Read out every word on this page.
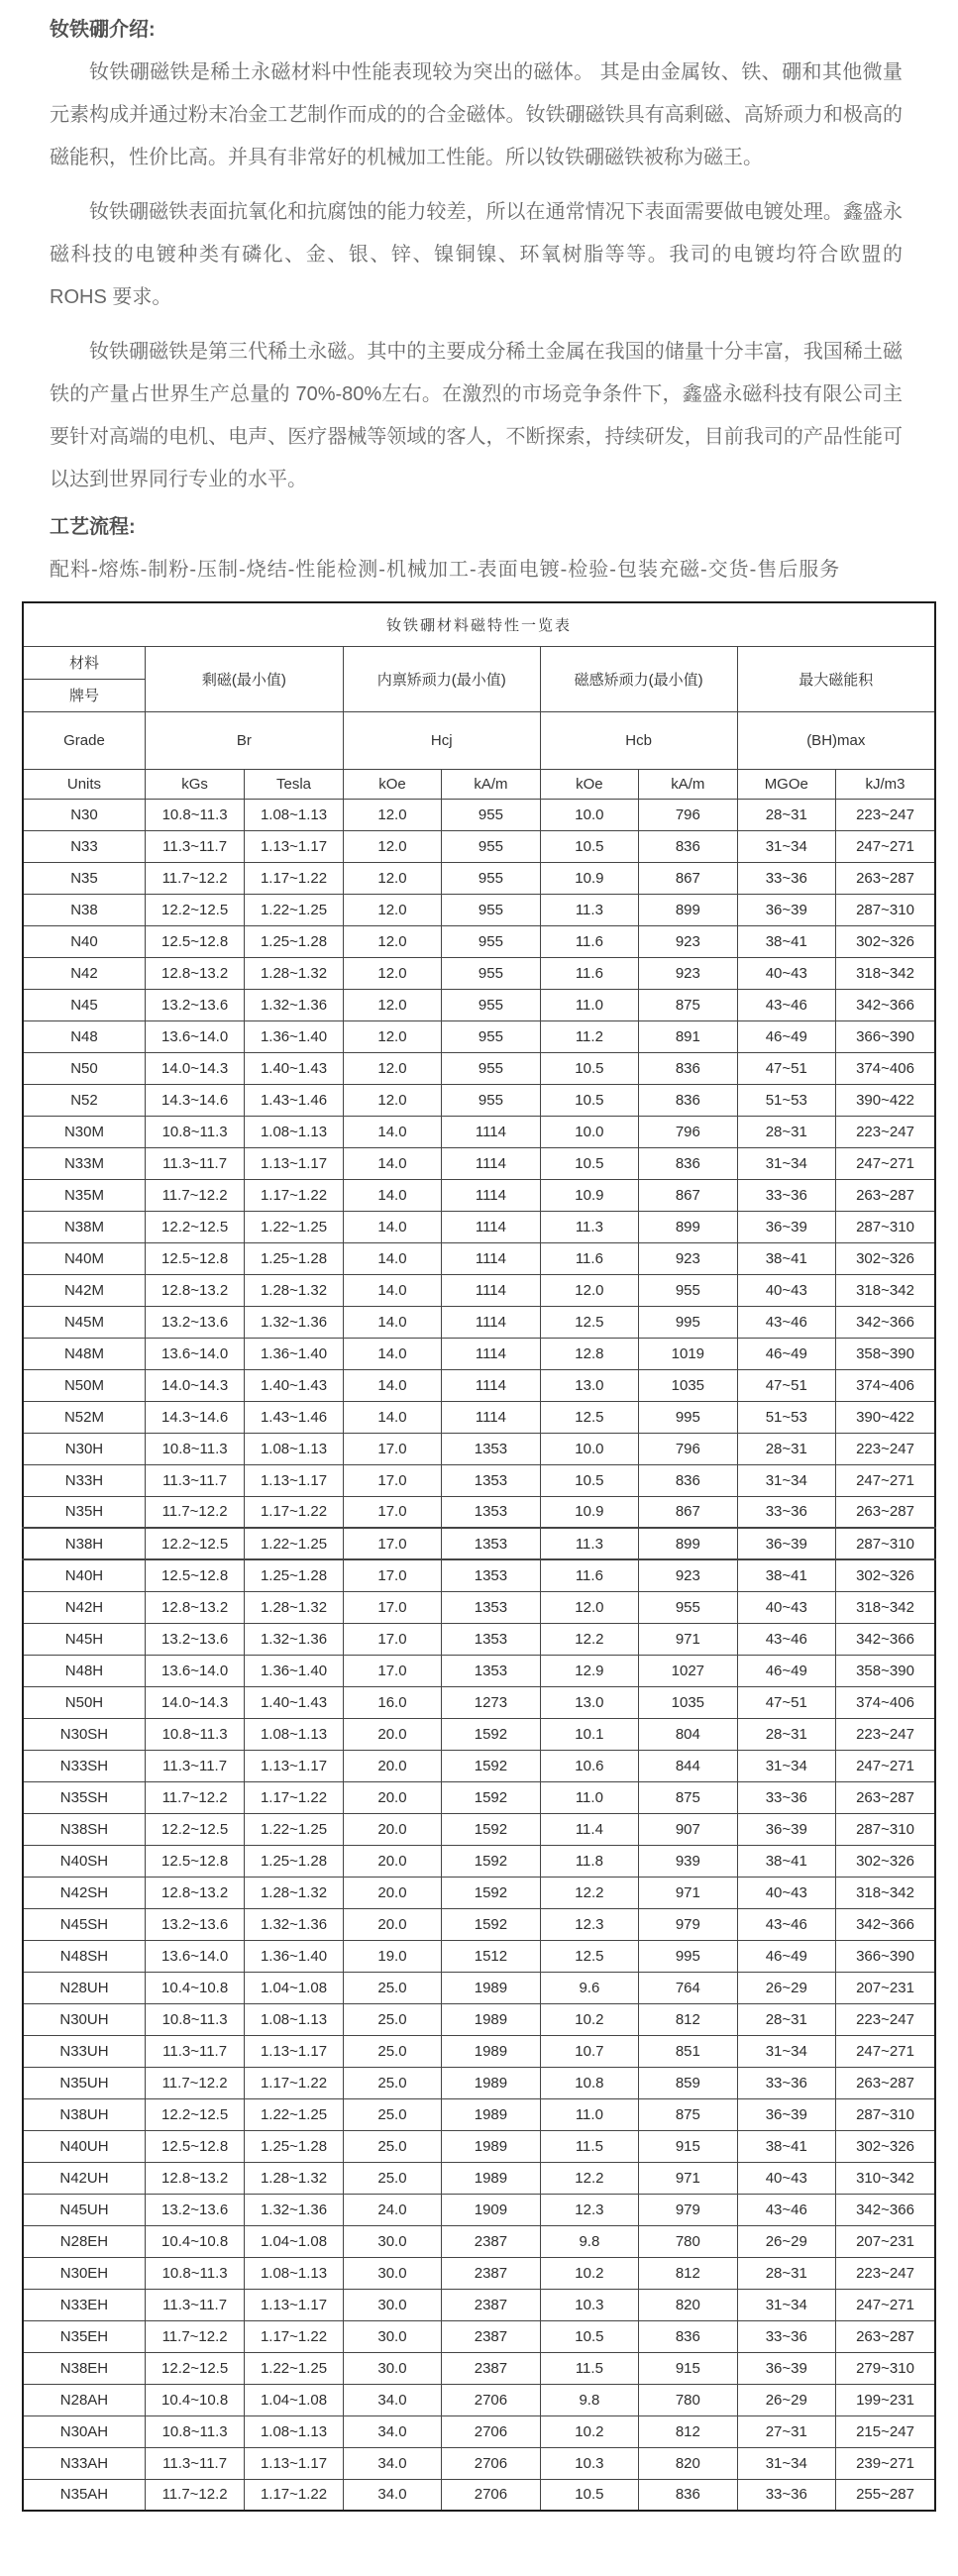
钕铁硼介绍:

钕铁硼磁铁是稀土永磁材料中性能表现较为突出的磁体。 其是由金属钕、铁、硼和其他微量元素构成并通过粉末冶金工艺制作而成的的合金磁体。钕铁硼磁铁具有高剩磁、高矫顽力和极高的磁能积，性价比高。并具有非常好的机械加工性能。所以钕铁硼磁铁被称为磁王。

钕铁硼磁铁表面抗氧化和抗腐蚀的能力较差，所以在通常情况下表面需要做电镀处理。鑫盛永磁科技的电镀种类有磷化、金、银、锌、镍铜镍、环氧树脂等等。我司的电镀均符合欧盟的 ROHS 要求。

钕铁硼磁铁是第三代稀土永磁。其中的主要成分稀土金属在我国的储量十分丰富，我国稀土磁铁的产量占世界生产总量的 70%-80%左右。在激烈的市场竞争条件下，鑫盛永磁科技有限公司主要针对高端的电机、电声、医疗器械等领域的客人，不断探索，持续研发，目前我司的产品性能可以达到世界同行专业的水平。

工艺流程:

配料-熔炼-制粉-压制-烧结-性能检测-机械加工-表面电镀-检验-包装充磁-交货-售后服务

钕铁硼材料磁特性一览表								
材料	剩磁(最小值)		内禀矫顽力(最小值)		磁感矫顽力(最小值)		最大磁能积	
牌号								
Grade	Br		Hcj		Hcb		(BH)max	
Units	kGs	Tesla	kOe	kA/m	kOe	kA/m	MGOe	kJ/m3
N30	10.8~11.3	1.08~1.13	12.0	955	10.0	796	28~31	223~247
N33	11.3~11.7	1.13~1.17	12.0	955	10.5	836	31~34	247~271
N35	11.7~12.2	1.17~1.22	12.0	955	10.9	867	33~36	263~287
N38	12.2~12.5	1.22~1.25	12.0	955	11.3	899	36~39	287~310
N40	12.5~12.8	1.25~1.28	12.0	955	11.6	923	38~41	302~326
N42	12.8~13.2	1.28~1.32	12.0	955	11.6	923	40~43	318~342
N45	13.2~13.6	1.32~1.36	12.0	955	11.0	875	43~46	342~366
N48	13.6~14.0	1.36~1.40	12.0	955	11.2	891	46~49	366~390
N50	14.0~14.3	1.40~1.43	12.0	955	10.5	836	47~51	374~406
N52	14.3~14.6	1.43~1.46	12.0	955	10.5	836	51~53	390~422
N30M	10.8~11.3	1.08~1.13	14.0	1114	10.0	796	28~31	223~247
N33M	11.3~11.7	1.13~1.17	14.0	1114	10.5	836	31~34	247~271
N35M	11.7~12.2	1.17~1.22	14.0	1114	10.9	867	33~36	263~287
N38M	12.2~12.5	1.22~1.25	14.0	1114	11.3	899	36~39	287~310
N40M	12.5~12.8	1.25~1.28	14.0	1114	11.6	923	38~41	302~326
N42M	12.8~13.2	1.28~1.32	14.0	1114	12.0	955	40~43	318~342
N45M	13.2~13.6	1.32~1.36	14.0	1114	12.5	995	43~46	342~366
N48M	13.6~14.0	1.36~1.40	14.0	1114	12.8	1019	46~49	358~390
N50M	14.0~14.3	1.40~1.43	14.0	1114	13.0	1035	47~51	374~406
N52M	14.3~14.6	1.43~1.46	14.0	1114	12.5	995	51~53	390~422
N30H	10.8~11.3	1.08~1.13	17.0	1353	10.0	796	28~31	223~247
N33H	11.3~11.7	1.13~1.17	17.0	1353	10.5	836	31~34	247~271
N35H	11.7~12.2	1.17~1.22	17.0	1353	10.9	867	33~36	263~287
N38H	12.2~12.5	1.22~1.25	17.0	1353	11.3	899	36~39	287~310
N40H	12.5~12.8	1.25~1.28	17.0	1353	11.6	923	38~41	302~326
N42H	12.8~13.2	1.28~1.32	17.0	1353	12.0	955	40~43	318~342
N45H	13.2~13.6	1.32~1.36	17.0	1353	12.2	971	43~46	342~366
N48H	13.6~14.0	1.36~1.40	17.0	1353	12.9	1027	46~49	358~390
N50H	14.0~14.3	1.40~1.43	16.0	1273	13.0	1035	47~51	374~406
N30SH	10.8~11.3	1.08~1.13	20.0	1592	10.1	804	28~31	223~247
N33SH	11.3~11.7	1.13~1.17	20.0	1592	10.6	844	31~34	247~271
N35SH	11.7~12.2	1.17~1.22	20.0	1592	11.0	875	33~36	263~287
N38SH	12.2~12.5	1.22~1.25	20.0	1592	11.4	907	36~39	287~310
N40SH	12.5~12.8	1.25~1.28	20.0	1592	11.8	939	38~41	302~326
N42SH	12.8~13.2	1.28~1.32	20.0	1592	12.2	971	40~43	318~342
N45SH	13.2~13.6	1.32~1.36	20.0	1592	12.3	979	43~46	342~366
N48SH	13.6~14.0	1.36~1.40	19.0	1512	12.5	995	46~49	366~390
N28UH	10.4~10.8	1.04~1.08	25.0	1989	9.6	764	26~29	207~231
N30UH	10.8~11.3	1.08~1.13	25.0	1989	10.2	812	28~31	223~247
N33UH	11.3~11.7	1.13~1.17	25.0	1989	10.7	851	31~34	247~271
N35UH	11.7~12.2	1.17~1.22	25.0	1989	10.8	859	33~36	263~287
N38UH	12.2~12.5	1.22~1.25	25.0	1989	11.0	875	36~39	287~310
N40UH	12.5~12.8	1.25~1.28	25.0	1989	11.5	915	38~41	302~326
N42UH	12.8~13.2	1.28~1.32	25.0	1989	12.2	971	40~43	310~342
N45UH	13.2~13.6	1.32~1.36	24.0	1909	12.3	979	43~46	342~366
N28EH	10.4~10.8	1.04~1.08	30.0	2387	9.8	780	26~29	207~231
N30EH	10.8~11.3	1.08~1.13	30.0	2387	10.2	812	28~31	223~247
N33EH	11.3~11.7	1.13~1.17	30.0	2387	10.3	820	31~34	247~271
N35EH	11.7~12.2	1.17~1.22	30.0	2387	10.5	836	33~36	263~287
N38EH	12.2~12.5	1.22~1.25	30.0	2387	11.5	915	36~39	279~310
N28AH	10.4~10.8	1.04~1.08	34.0	2706	9.8	780	26~29	199~231
N30AH	10.8~11.3	1.08~1.13	34.0	2706	10.2	812	27~31	215~247
N33AH	11.3~11.7	1.13~1.17	34.0	2706	10.3	820	31~34	239~271
N35AH	11.7~12.2	1.17~1.22	34.0	2706	10.5	836	33~36	255~287
